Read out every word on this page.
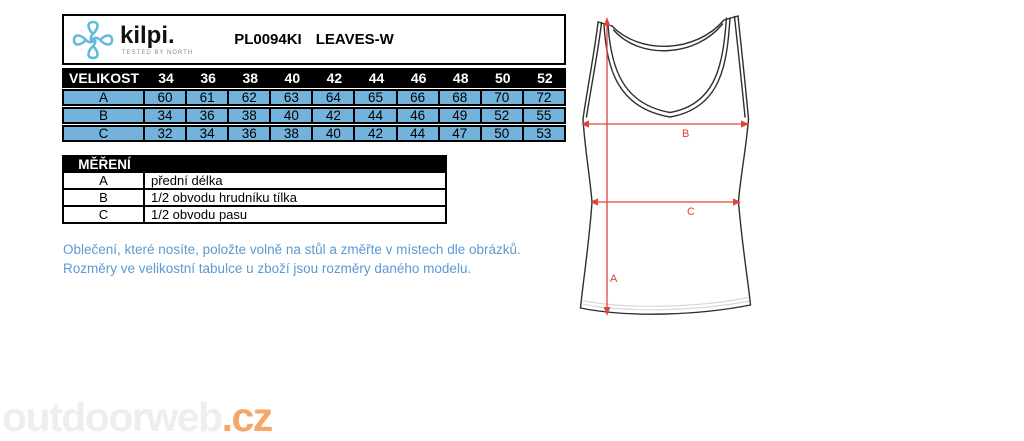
kilpi.
TESTED BY NORTH
PL0094KI LEAVES-W
VELIKOST	34	36	38	40	42	44	46	48	50	52
A	60	61	62	63	64	65	66	68	70	72
B	34	36	38	40	42	44	46	49	52	55
C	32	34	36	38	40	42	44	47	50	53
MĚŘENÍ
A	přední délka
B	1/2 obvodu hrudníku tílka
C	1/2 obvodu pasu
Oblečení, které nosíte, položte volně na stůl a změřte v místech dle obrázků.
Rozměry ve velikostní tabulce u zboží jsou rozměry daného modelu.
A
B
C
outdoorweb.cz
